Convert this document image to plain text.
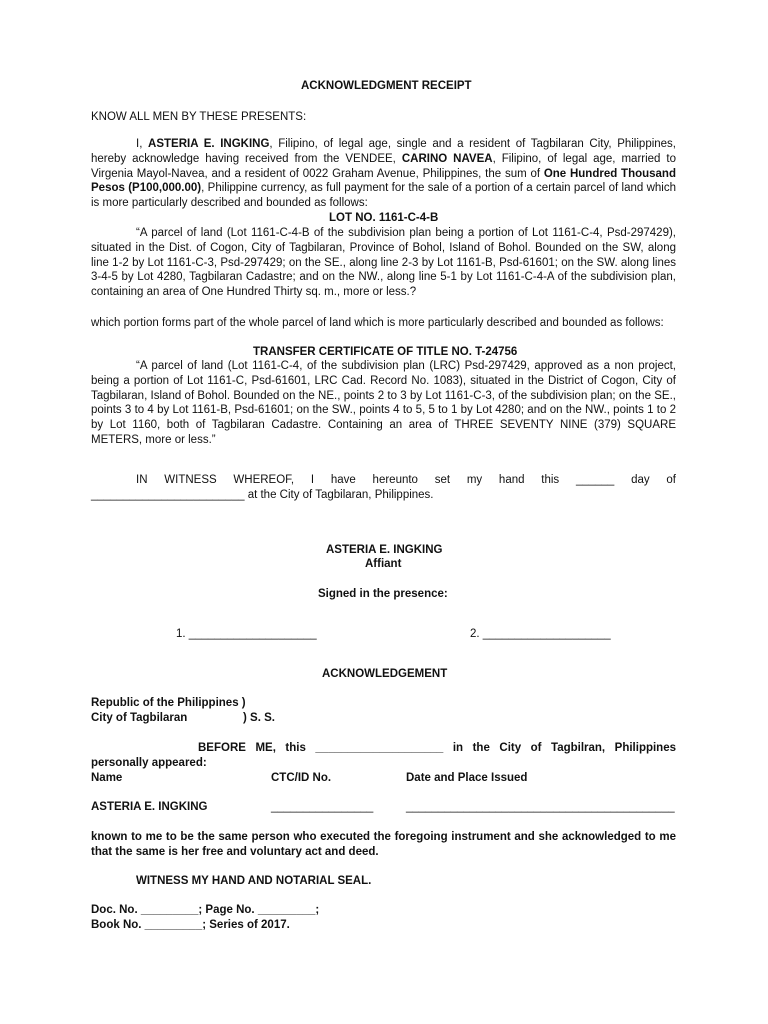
ACKNOWLEDGMENT RECEIPT
KNOW ALL MEN BY THESE PRESENTS:
I, ASTERIA E. INGKING, Filipino, of legal age, single and a resident of Tagbilaran City, Philippines, hereby acknowledge having received from the VENDEE, CARINO NAVEA, Filipino, of legal age, married to Virgenia Mayol-Navea, and a resident of 0022 Graham Avenue, Philippines, the sum of One Hundred Thousand Pesos (P100,000.00), Philippine currency, as full payment for the sale of a portion of a certain parcel of land which is more particularly described and bounded as follows:
LOT NO. 1161-C-4-B
“A parcel of land (Lot 1161-C-4-B of the subdivision plan being a portion of Lot 1161-C-4, Psd-297429), situated in the Dist. of Cogon, City of Tagbilaran, Province of Bohol, Island of Bohol. Bounded on the SW, along line 1-2 by Lot 1161-C-3, Psd-297429; on the SE., along line 2-3 by Lot 1161-B, Psd-61601; on the SW. along lines 3-4-5 by Lot 4280, Tagbilaran Cadastre; and on the NW., along line 5-1 by Lot 1161-C-4-A of the subdivision plan, containing an area of One Hundred Thirty sq. m., more or less.?
which portion forms part of the whole parcel of land which is more particularly described and bounded as follows:
TRANSFER CERTIFICATE OF TITLE NO. T-24756
“A parcel of land (Lot 1161-C-4, of the subdivision plan (LRC) Psd-297429, approved as a non project, being a portion of Lot 1161-C, Psd-61601, LRC Cad. Record No. 1083), situated in the District of Cogon, City of Tagbilaran, Island of Bohol. Bounded on the NE., points 2 to 3 by Lot 1161-C-3, of the subdivision plan; on the SE., points 3 to 4 by Lot 1161-B, Psd-61601; on the SW., points 4 to 5, 5 to 1 by Lot 4280; and on the NW., points 1 to 2 by Lot 1160, both of Tagbilaran Cadastre. Containing an area of THREE SEVENTY NINE (379) SQUARE METERS, more or less.”
IN WITNESS WHEREOF, I have hereunto set my hand this ______ day of
________________________ at the City of Tagbilaran, Philippines.
ASTERIA E. INGKING
Affiant
Signed in the presence:
1. ____________________	2. ____________________
ACKNOWLEDGEMENT
Republic of the Philippines )
City of Tagbilaran	) S. S.
BEFORE ME, this ____________________ in the City of Tagbilran, Philippines personally appeared:
Name	CTC/ID No.	Date and Place Issued
ASTERIA E. INGKING	________________	__________________________________________
known to me to be the same person who executed the foregoing instrument and she acknowledged to me that the same is her free and voluntary act and deed.
WITNESS MY HAND AND NOTARIAL SEAL.
Doc. No. _________; Page No. _________;
Book No. _________; Series of 2017.
